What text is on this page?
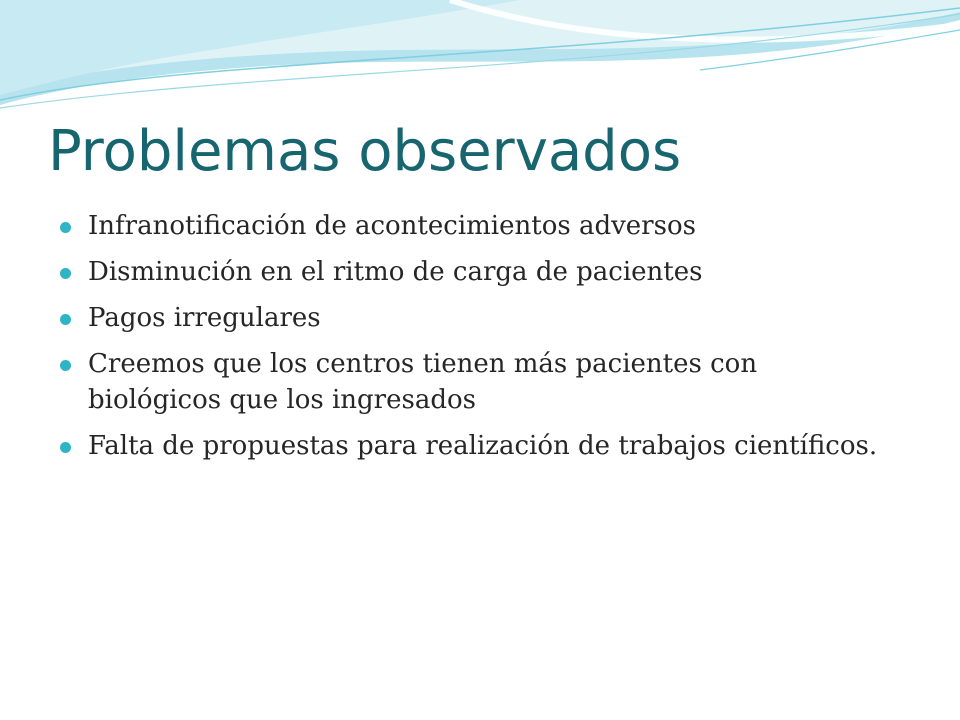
Problemas observados
Infranotificación de acontecimientos adversos
Disminución en el ritmo de carga de pacientes
Pagos irregulares
Creemos que los centros tienen más pacientes con biológicos que los ingresados
Falta de propuestas para realización de trabajos científicos.
